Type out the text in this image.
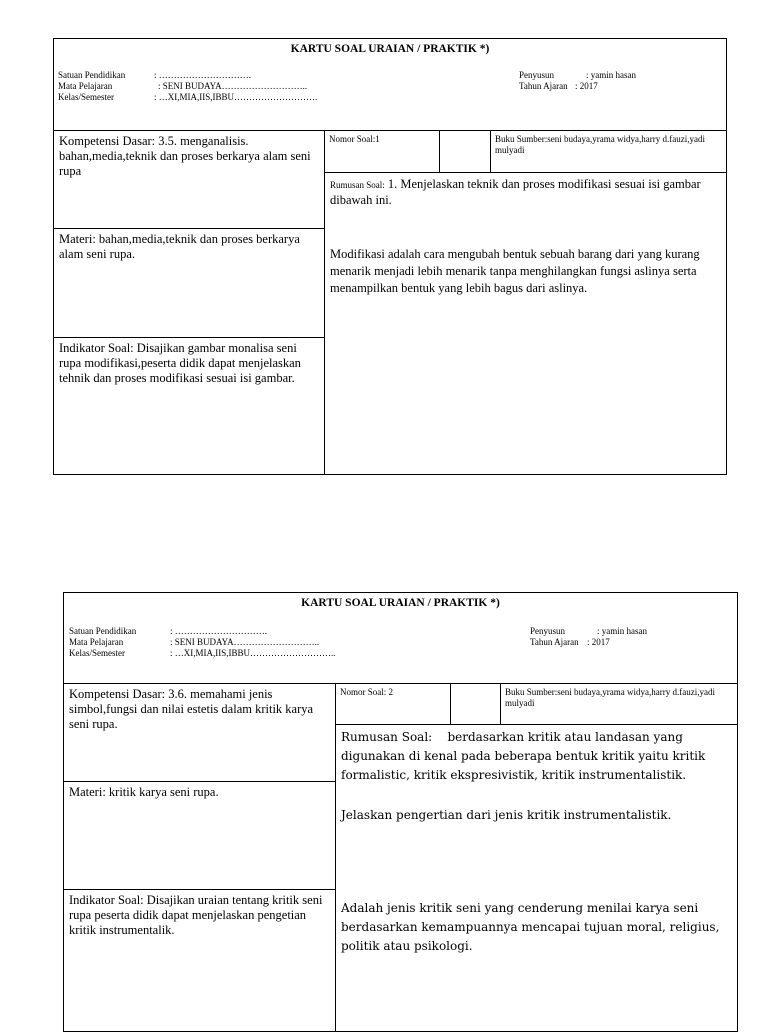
KARTU SOAL URAIAN / PRAKTIK *)
Satuan Pendidikan	: ………………………….
Mata Pelajaran	: SENI BUDAYA………………………..
Kelas/Semester	: …XI,MIA,IIS,IBBU……………………….
Penyusun	: yamin hasan
Tahun Ajaran : 2017
Kompetensi Dasar: 3.5. menganalisis. bahan,media,teknik dan proses berkarya alam seni rupa
Materi: bahan,media,teknik dan proses berkarya alam seni rupa.
Indikator Soal: Disajikan gambar monalisa seni rupa modifikasi,peserta didik dapat menjelaskan tehnik dan proses modifikasi sesuai isi gambar.
Nomor Soal:1	Buku Sumber:seni budaya,yrama widya,harry d.fauzi,yadi mulyadi
Rumusan Soal: 1. Menjelaskan teknik dan proses modifikasi sesuai isi gambar dibawah ini.
Modifikasi adalah cara mengubah bentuk sebuah barang dari yang kurang menarik menjadi lebih menarik tanpa menghilangkan fungsi aslinya serta menampilkan bentuk yang lebih bagus dari aslinya.
KARTU SOAL URAIAN / PRAKTIK *)
Satuan Pendidikan	: ………………………….
Mata Pelajaran	: SENI BUDAYA………………………..
Kelas/Semester	: …XI,MIA,IIS,IBBU………………………..
Penyusun	: yamin hasan
Tahun Ajaran : 2017
Kompetensi Dasar: 3.6. memahami jenis simbol,fungsi dan nilai estetis dalam kritik karya seni rupa.
Materi: kritik karya seni rupa.
Indikator Soal: Disajikan uraian tentang kritik seni rupa peserta didik dapat menjelaskan pengetian kritik instrumentalik.
Nomor Soal: 2	Buku Sumber:seni budaya,yrama widya,harry d.fauzi,yadi mulyadi
Rumusan Soal: berdasarkan kritik atau landasan yang digunakan di kenal pada beberapa bentuk kritik yaitu kritik formalistic, kritik ekspresivistik, kritik instrumentalistik.
Jelaskan pengertian dari jenis kritik instrumentalistik.
Adalah jenis kritik seni yang cenderung menilai karya seni berdasarkan kemampuannya mencapai tujuan moral, religius, politik atau psikologi.
